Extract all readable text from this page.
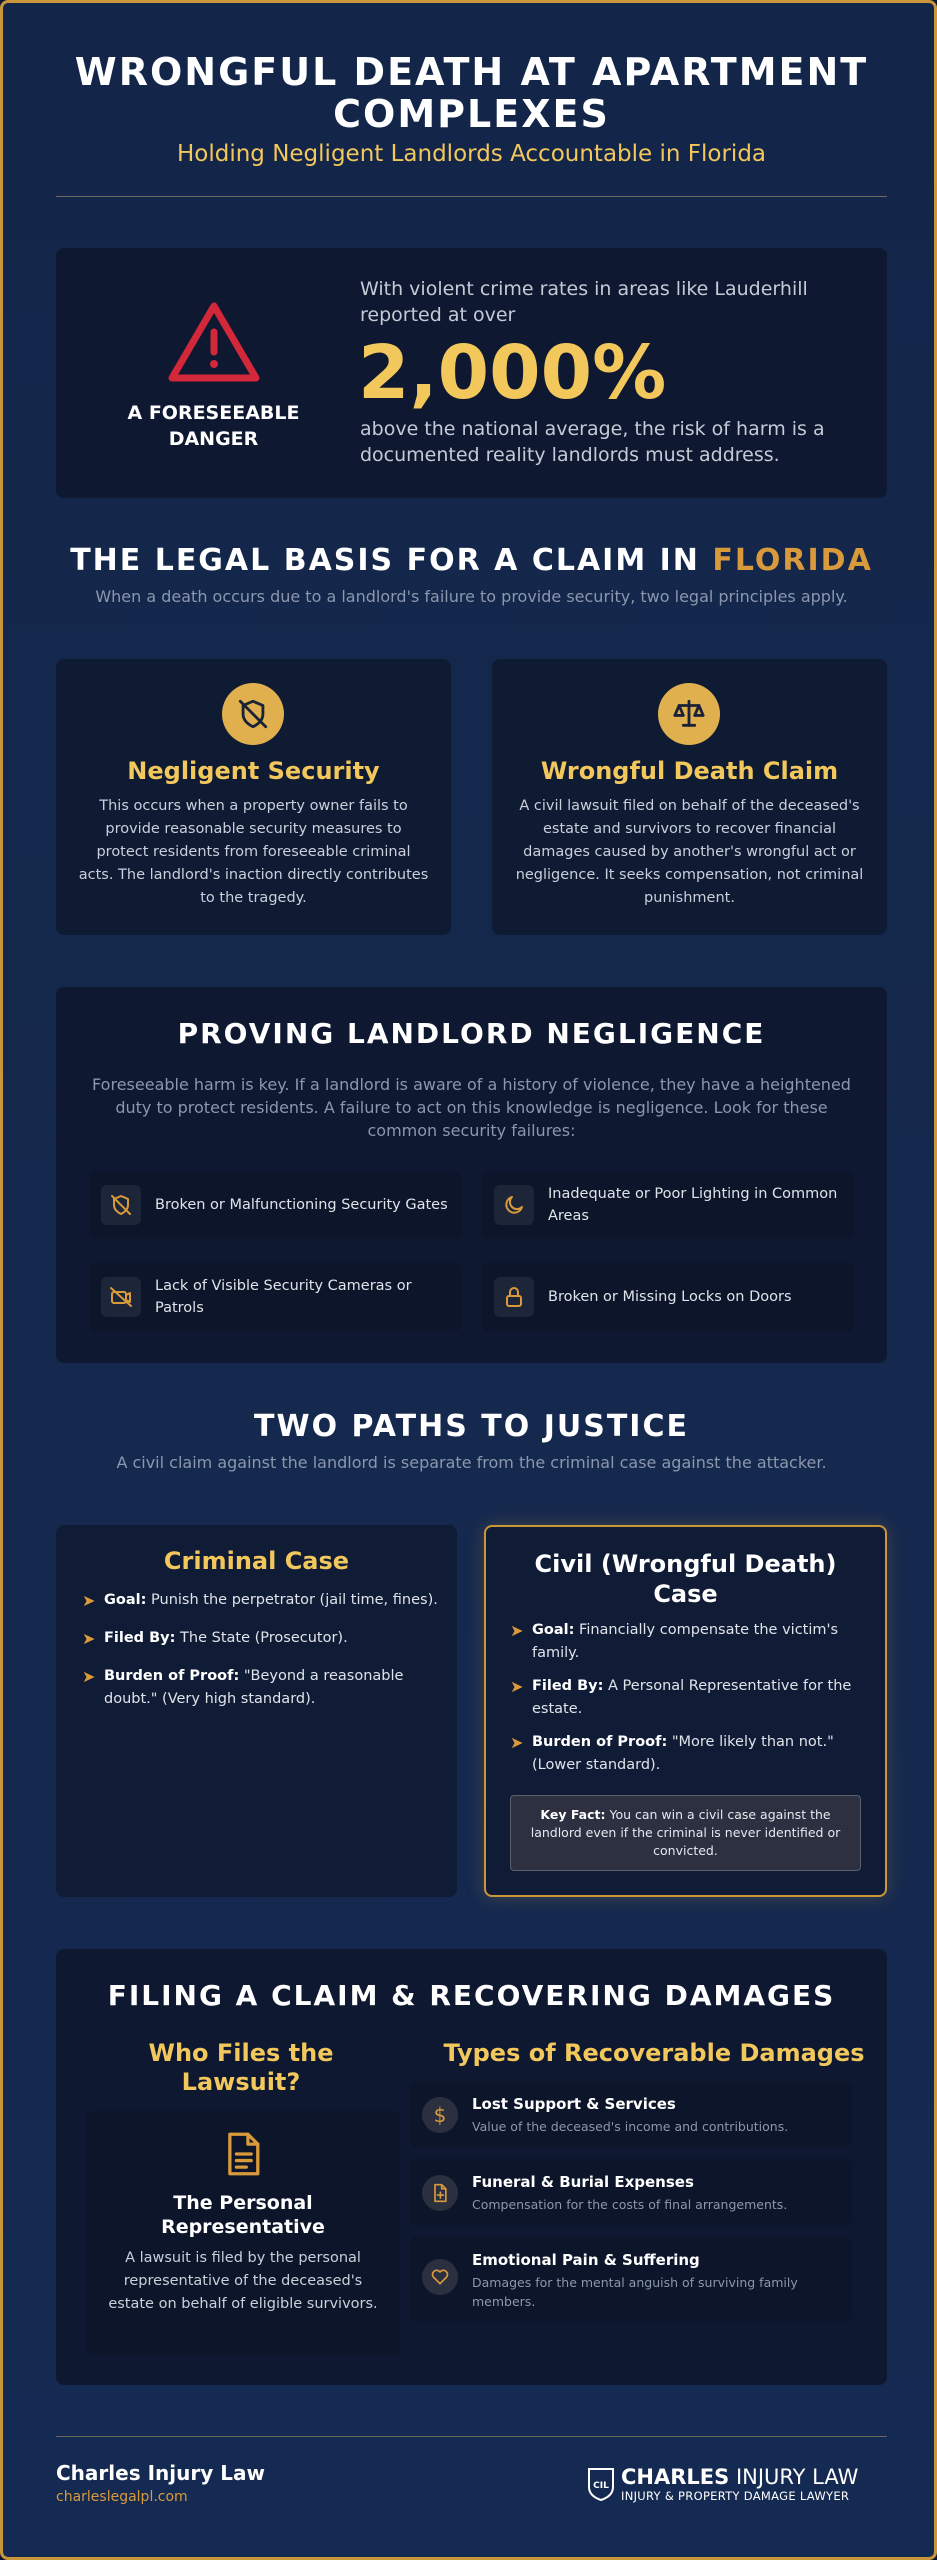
WRONGFUL DEATH AT APARTMENT COMPLEXES
Holding Negligent Landlords Accountable in Florida
A FORESEEABLE DANGER
With violent crime rates in areas like Lauderhill reported at over
2,000%
above the national average, the risk of harm is a documented reality landlords must address.
THE LEGAL BASIS FOR A CLAIM IN FLORIDA
When a death occurs due to a landlord's failure to provide security, two legal principles apply.
Negligent Security
This occurs when a property owner fails to provide reasonable security measures to protect residents from foreseeable criminal acts. The landlord's inaction directly contributes to the tragedy.
Wrongful Death Claim
A civil lawsuit filed on behalf of the deceased's estate and survivors to recover financial damages caused by another's wrongful act or negligence. It seeks compensation, not criminal punishment.
PROVING LANDLORD NEGLIGENCE
Foreseeable harm is key. If a landlord is aware of a history of violence, they have a heightened duty to protect residents. A failure to act on this knowledge is negligence. Look for these common security failures:
Broken or Malfunctioning Security Gates
Inadequate or Poor Lighting in Common Areas
Lack of Visible Security Cameras or Patrols
Broken or Missing Locks on Doors
TWO PATHS TO JUSTICE
A civil claim against the landlord is separate from the criminal case against the attacker.
Criminal Case
➤ Goal: Punish the perpetrator (jail time, fines).
➤ Filed By: The State (Prosecutor).
➤ Burden of Proof: "Beyond a reasonable doubt." (Very high standard).
Civil (Wrongful Death) Case
➤ Goal: Financially compensate the victim's family.
➤ Filed By: A Personal Representative for the estate.
➤ Burden of Proof: "More likely than not." (Lower standard).
Key Fact: You can win a civil case against the landlord even if the criminal is never identified or convicted.
FILING A CLAIM & RECOVERING DAMAGES
Who Files the Lawsuit?
The Personal Representative
A lawsuit is filed by the personal representative of the deceased's estate on behalf of eligible survivors.
Types of Recoverable Damages
$ Lost Support & Services
Value of the deceased's income and contributions.
Funeral & Burial Expenses
Compensation for the costs of final arrangements.
Emotional Pain & Suffering
Damages for the mental anguish of surviving family members.
Charles Injury Law
charleslegalpl.com
CIL CHARLES INJURY LAW
INJURY & PROPERTY DAMAGE LAWYER
